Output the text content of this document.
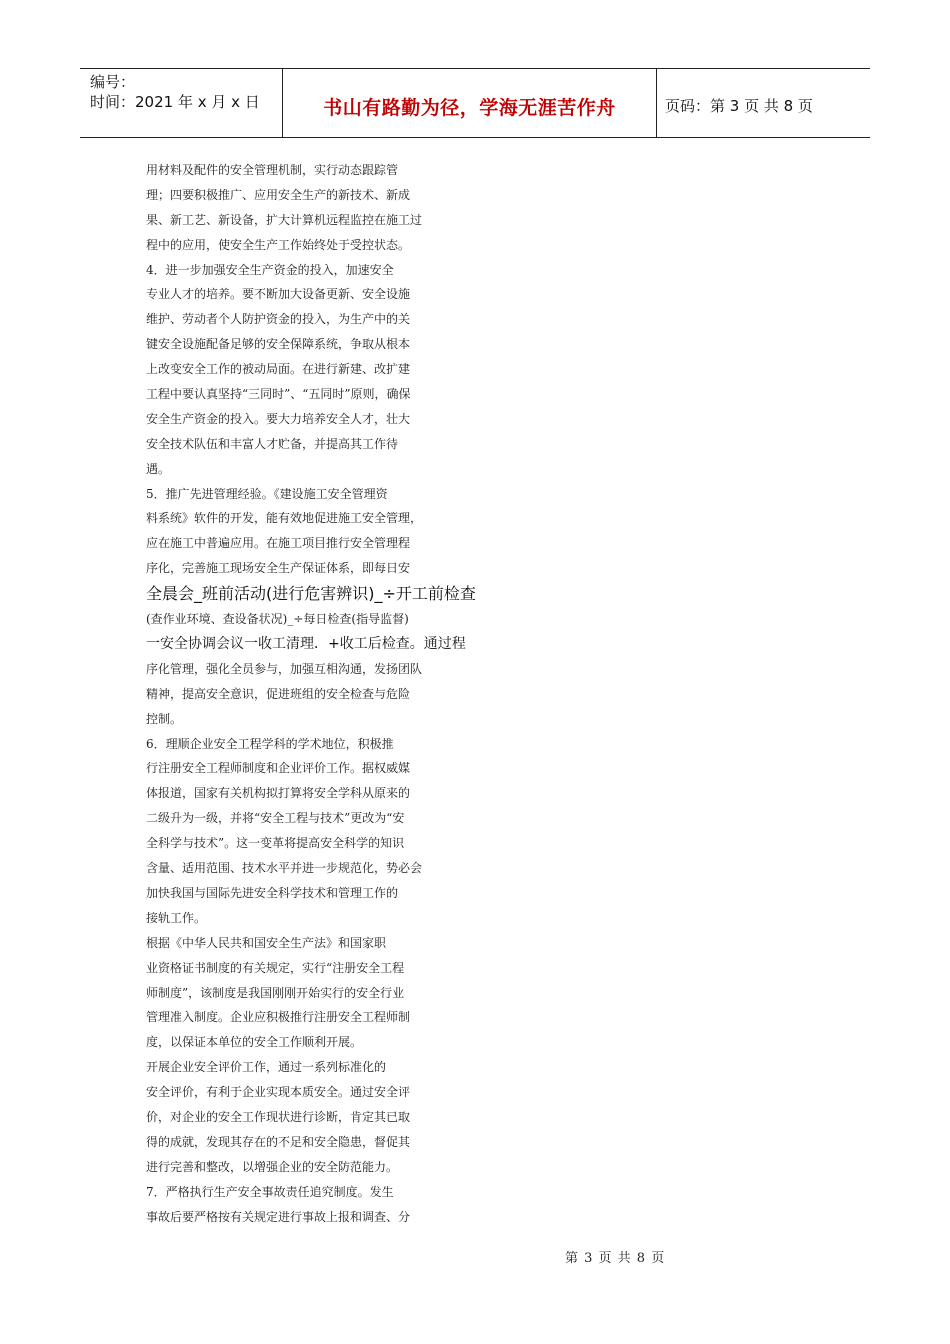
编号：
时间：2021 年 x 月 x 日	书山有路勤为径，学海无涯苦作舟	页码：第 3 页 共 8 页
用材料及配件的安全管理机制，实行动态跟踪管
理；四要积极推广、应用安全生产的新技术、新成
果、新工艺、新设备，扩大计算机远程监控在施工过
程中的应用，使安全生产工作始终处于受控状态。
4．进一步加强安全生产资金的投入，加速安全
专业人才的培养。要不断加大设备更新、安全设施
维护、劳动者个人防护资金的投入，为生产中的关
键安全设施配备足够的安全保障系统，争取从根本
上改变安全工作的被动局面。在进行新建、改扩建
工程中要认真坚持“三同时”、“五同时”原则，确保
安全生产资金的投入。要大力培养安全人才，壮大
安全技术队伍和丰富人才贮备，并提高其工作待
遇。
5．推广先进管理经验。《建设施工安全管理资
料系统》软件的开发，能有效地促进施工安全管理，
应在施工中普遍应用。在施工项目推行安全管理程
序化，完善施工现场安全生产保证体系，即每日安
全晨会_班前活动(进行危害辨识)_÷开工前检查
(查作业环境、查设备状况)_÷每日检查(指导监督)
一安全协调会议一收工清理．+收工后检查。通过程
序化管理，强化全员参与，加强互相沟通，发扬团队
精神，提高安全意识，促进班组的安全检查与危险
控制。
6．理顺企业安全工程学科的学术地位，积极推
行注册安全工程师制度和企业评价工作。据权威媒
体报道，国家有关机构拟打算将安全学科从原来的
二级升为一级，并将“安全工程与技术”更改为“安
全科学与技术”。这一变革将提高安全科学的知识
含量、适用范围、技术水平并进一步规范化，势必会
加快我国与国际先进安全科学技术和管理工作的
接轨工作。
根据《中华人民共和国安全生产法》和国家职
业资格证书制度的有关规定，实行“注册安全工程
师制度”，该制度是我国刚刚开始实行的安全行业
管理准入制度。企业应积极推行注册安全工程师制
度，以保证本单位的安全工作顺利开展。
开展企业安全评价工作，通过一系列标准化的
安全评价，有利于企业实现本质安全。通过安全评
价，对企业的安全工作现状进行诊断，肯定其已取
得的成就，发现其存在的不足和安全隐患，督促其
进行完善和整改，以增强企业的安全防范能力。
7．严格执行生产安全事故责任追究制度。发生
事故后要严格按有关规定进行事故上报和调查、分
第 3 页 共 8 页
